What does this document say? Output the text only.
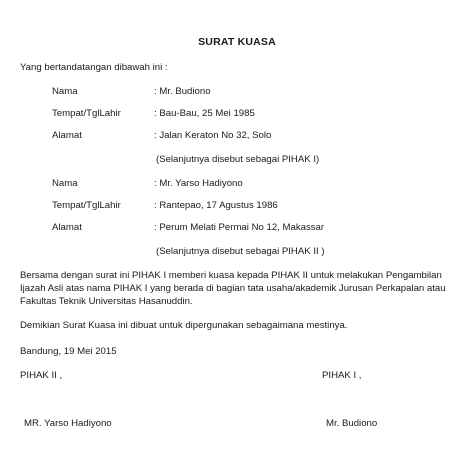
SURAT KUASA
Yang bertandatangan dibawah ini :
Nama	: Mr. Budiono
Tempat/TglLahir	: Bau-Bau, 25 Mei 1985
Alamat	: Jalan Keraton No 32, Solo
(Selanjutnya disebut sebagai PIHAK I)
Nama	: Mr. Yarso Hadiyono
Tempat/TglLahir	: Rantepao, 17 Agustus 1986
Alamat	: Perum Melati Permai No 12, Makassar
(Selanjutnya disebut sebagai PIHAK II )
Bersama dengan surat ini PIHAK I memberi kuasa kepada PIHAK II untuk melakukan Pengambilan
Ijazah Asli atas nama PIHAK I yang berada di bagian tata usaha/akademik Jurusan Perkapalan atau
Fakultas Teknik Universitas Hasanuddin.
Demikian Surat Kuasa ini dibuat untuk dipergunakan sebagaimana mestinya.
Bandung, 19 Mei 2015
PIHAK II ,	PIHAK I ,
MR. Yarso Hadiyono	Mr. Budiono
